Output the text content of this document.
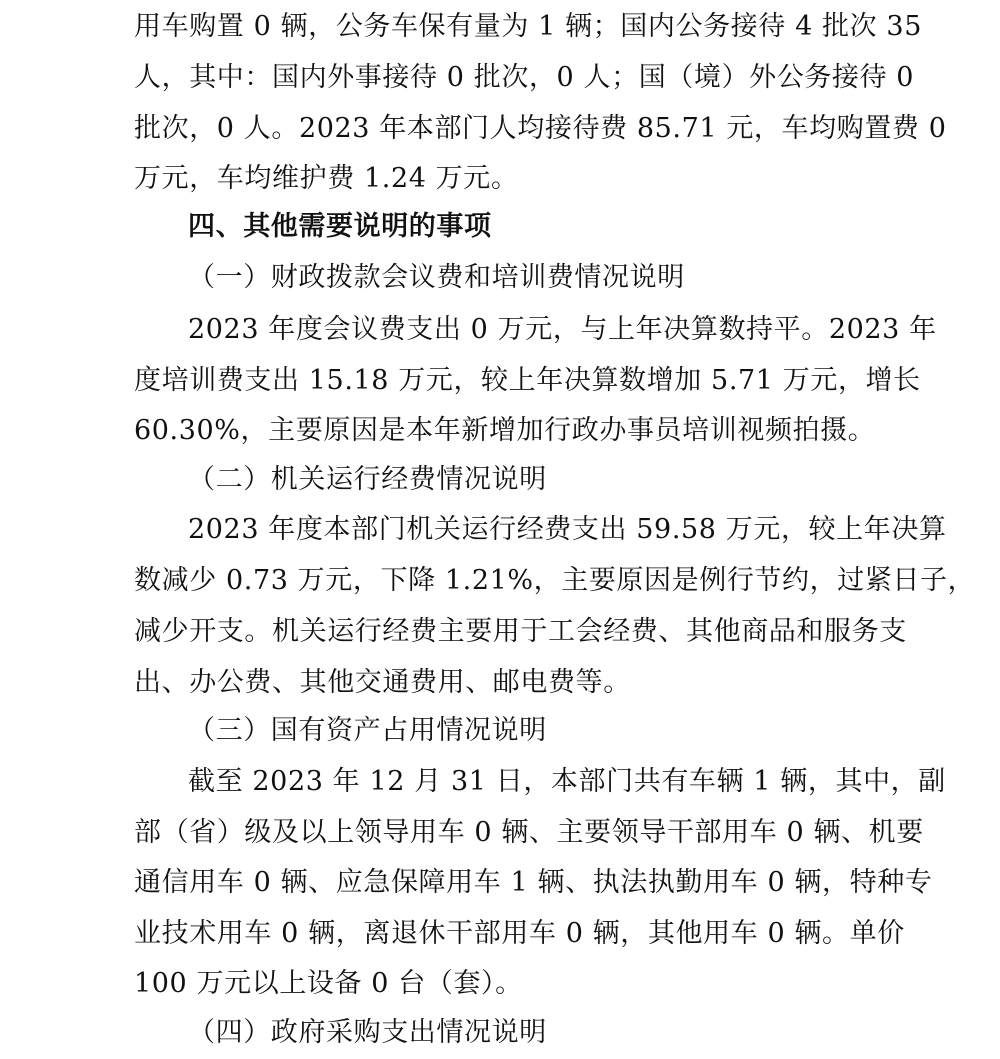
用车购置 0 辆，公务车保有量为 1 辆；国内公务接待 4 批次 35
人，其中：国内外事接待 0 批次，0 人；国（境）外公务接待 0
批次，0 人。2023 年本部门人均接待费 85.71 元，车均购置费 0
万元，车均维护费 1.24 万元。
四、其他需要说明的事项
（一）财政拨款会议费和培训费情况说明
2023 年度会议费支出 0 万元，与上年决算数持平。2023 年
度培训费支出 15.18 万元，较上年决算数增加 5.71 万元，增长
60.30%，主要原因是本年新增加行政办事员培训视频拍摄。
（二）机关运行经费情况说明
2023 年度本部门机关运行经费支出 59.58 万元，较上年决算
数减少 0.73 万元，下降 1.21%，主要原因是例行节约，过紧日子，
减少开支。机关运行经费主要用于工会经费、其他商品和服务支
出、办公费、其他交通费用、邮电费等。
（三）国有资产占用情况说明
截至 2023 年 12 月 31 日，本部门共有车辆 1 辆，其中，副
部（省）级及以上领导用车 0 辆、主要领导干部用车 0 辆、机要
通信用车 0 辆、应急保障用车 1 辆、执法执勤用车 0 辆，特种专
业技术用车 0 辆，离退休干部用车 0 辆，其他用车 0 辆。单价
100 万元以上设备 0 台（套）。
（四）政府采购支出情况说明
